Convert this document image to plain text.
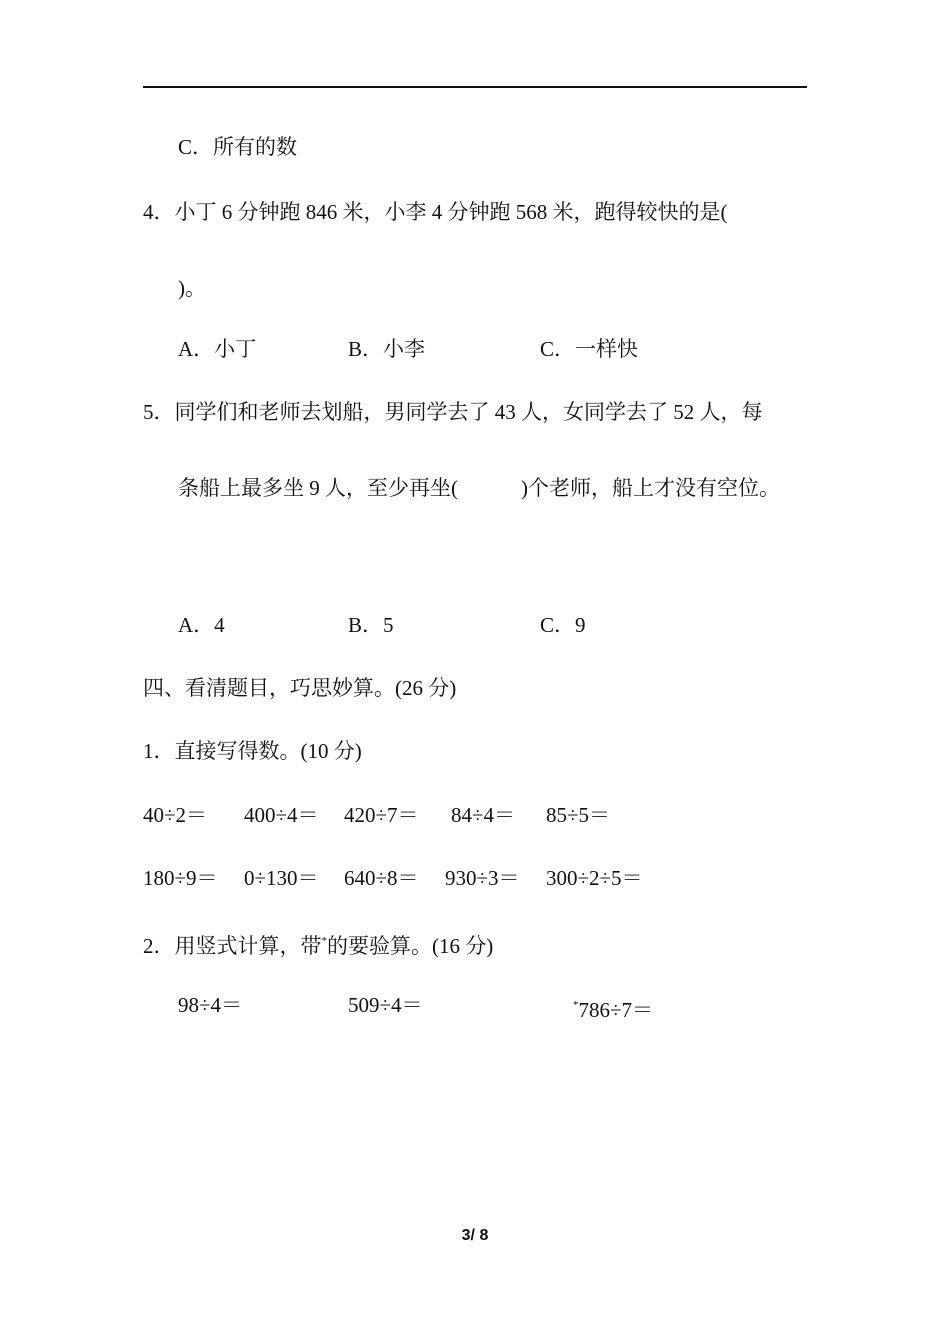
C．所有的数
4．小丁 6 分钟跑 846 米，小李 4 分钟跑 568 米，跑得较快的是(
)。
A．小丁	B．小李	C．一样快
5．同学们和老师去划船，男同学去了 43 人，女同学去了 52 人，每
条船上最多坐 9 人，至少再坐(　　　)个老师，船上才没有空位。
A．4	B．5	C．9
四、看清题目，巧思妙算。(26 分)
1．直接写得数。(10 分)
40÷2＝ 400÷4＝ 420÷7＝ 84÷4＝ 85÷5＝
180÷9＝ 0÷130＝ 640÷8＝ 930÷3＝ 300÷2÷5＝
2．用竖式计算，带*的要验算。(16 分)
98÷4＝	509÷4＝	*786÷7＝
3/ 8
